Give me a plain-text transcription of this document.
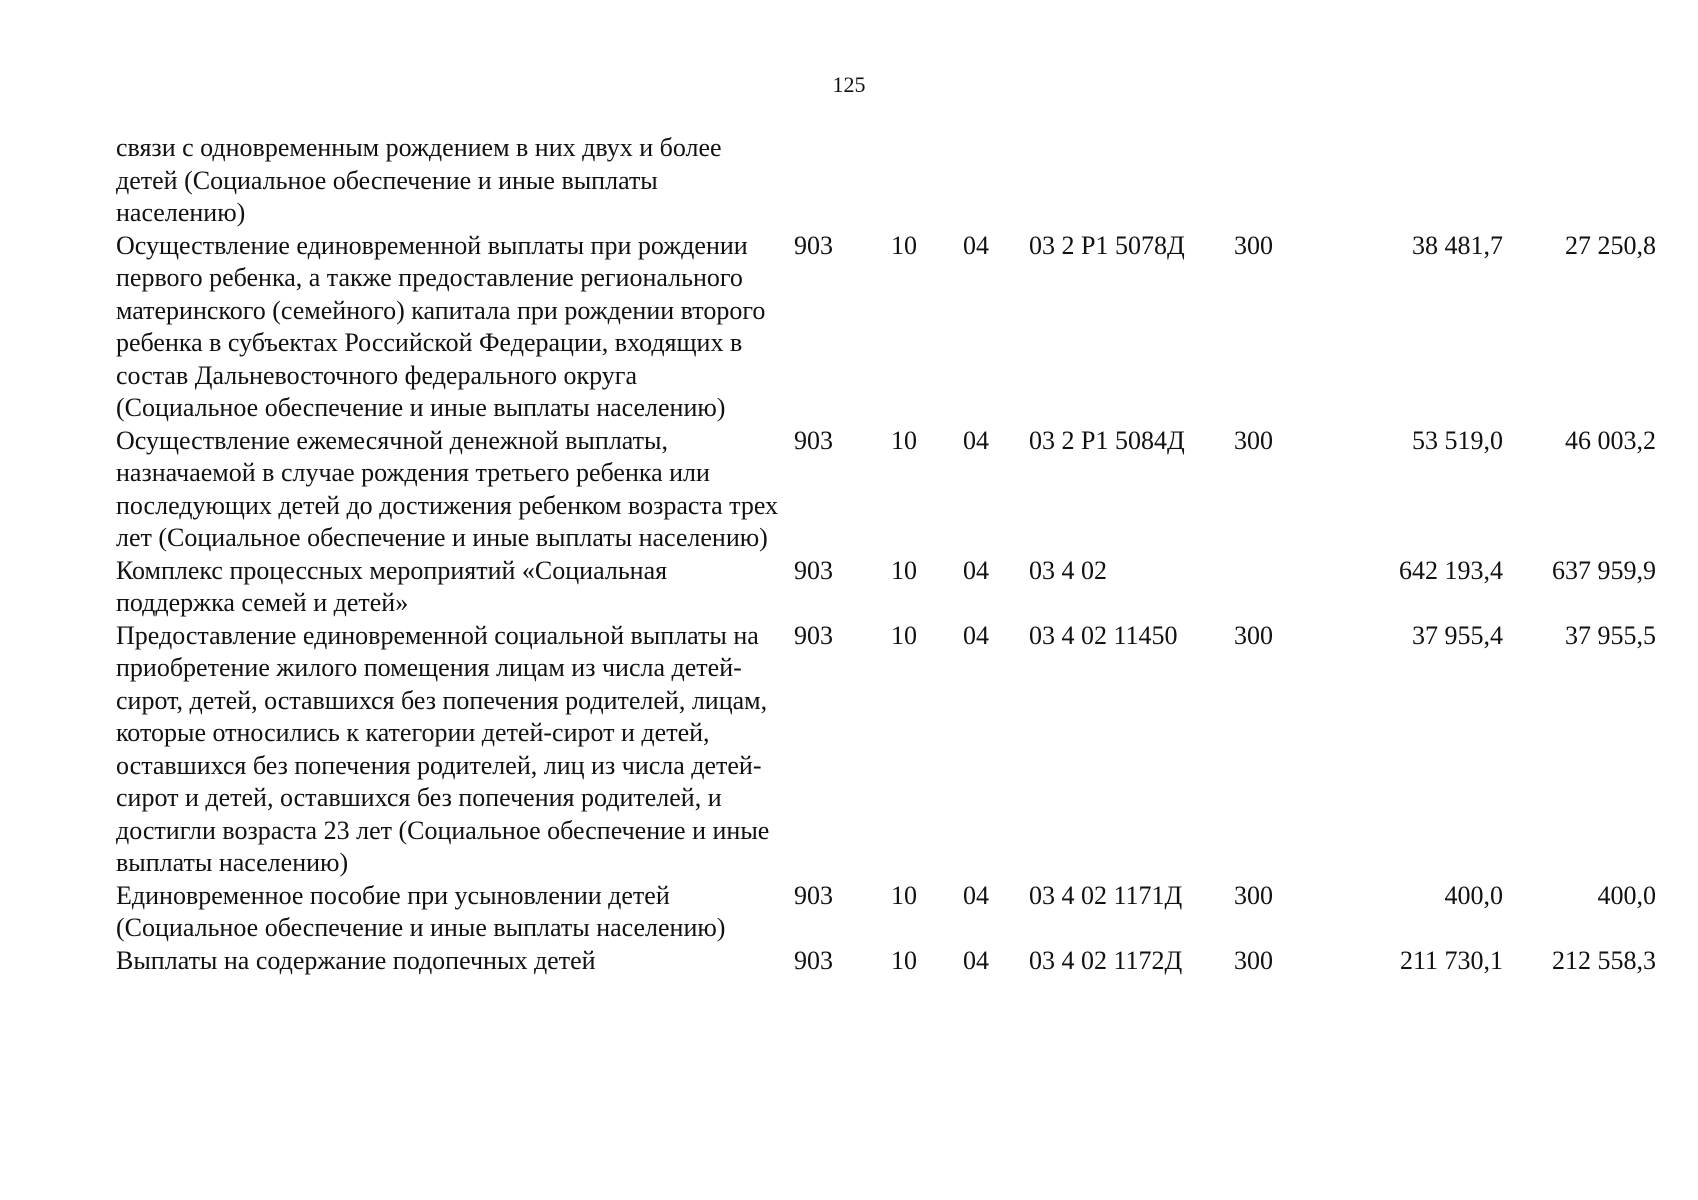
125
связи с одновременным рождением в них двух и более детей (Социальное обеспечение и иные выплаты населению)							
Осуществление единовременной выплаты при рождении первого ребенка, а также предоставление регионального материнского (семейного) капитала при рождении второго ребенка в субъектах Российской Федерации, входящих в состав Дальневосточного федерального округа (Социальное обеспечение и иные выплаты населению)	903	10	04	03 2 Р1 5078Д	300	38 481,7	27 250,8
Осуществление ежемесячной денежной выплаты, назначаемой в случае рождения третьего ребенка или последующих детей до достижения ребенком возраста трех лет (Социальное обеспечение и иные выплаты населению)	903	10	04	03 2 Р1 5084Д	300	53 519,0	46 003,2
Комплекс процессных мероприятий «Социальная поддержка семей и детей»	903	10	04	03 4 02		642 193,4	637 959,9
Предоставление единовременной социальной выплаты на приобретение жилого помещения лицам из числа детей-сирот, детей, оставшихся без попечения родителей, лицам, которые относились к категории детей-сирот и детей, оставшихся без попечения родителей, лиц из числа детей-сирот и детей, оставшихся без попечения родителей, и достигли возраста 23 лет (Социальное обеспечение и иные выплаты населению)	903	10	04	03 4 02 11450	300	37 955,4	37 955,5
Единовременное пособие при усыновлении детей (Социальное обеспечение и иные выплаты населению)	903	10	04	03 4 02 1171Д	300	400,0	400,0
Выплаты на содержание подопечных детей	903	10	04	03 4 02 1172Д	300	211 730,1	212 558,3
